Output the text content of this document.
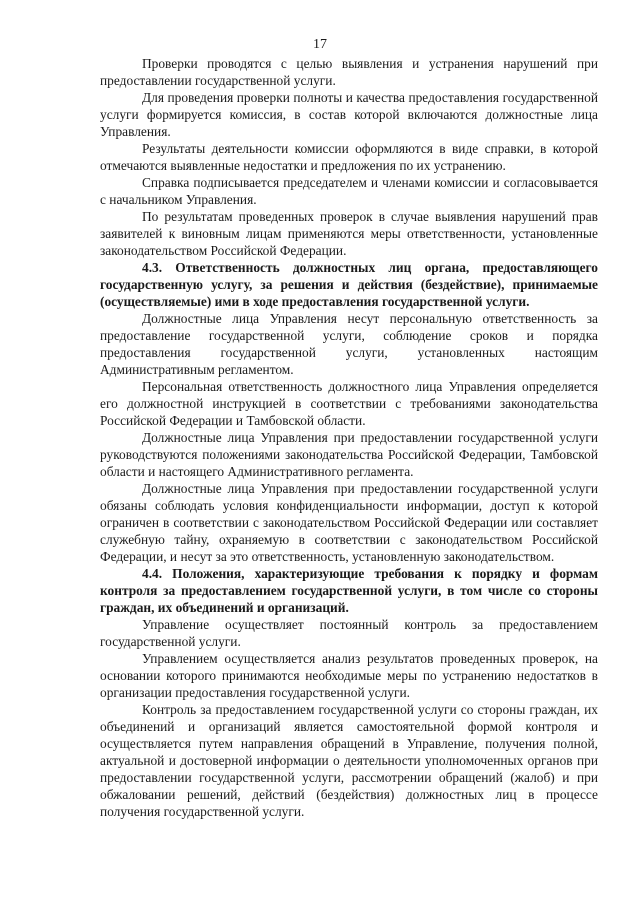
17

Проверки проводятся с целью выявления и устранения нарушений при предоставлении государственной услуги.

Для проведения проверки полноты и качества предоставления государственной услуги формируется комиссия, в состав которой включаются должностные лица Управления.

Результаты деятельности комиссии оформляются в виде справки, в которой отмечаются выявленные недостатки и предложения по их устранению.

Справка подписывается председателем и членами комиссии и согласовывается с начальником Управления.

По результатам проведенных проверок в случае выявления нарушений прав заявителей к виновным лицам применяются меры ответственности, установленные законодательством Российской Федерации.

4.3. Ответственность должностных лиц органа, предоставляющего государственную услугу, за решения и действия (бездействие), принимаемые (осуществляемые) ими в ходе предоставления государственной услуги.

Должностные лица Управления несут персональную ответственность за предоставление государственной услуги, соблюдение сроков и порядка предоставления государственной услуги, установленных настоящим Административным регламентом.

Персональная ответственность должностного лица Управления определяется его должностной инструкцией в соответствии с требованиями законодательства Российской Федерации и Тамбовской области.

Должностные лица Управления при предоставлении государственной услуги руководствуются положениями законодательства Российской Федерации, Тамбовской области и настоящего Административного регламента.

Должностные лица Управления при предоставлении государственной услуги обязаны соблюдать условия конфиденциальности информации, доступ к которой ограничен в соответствии с законодательством Российской Федерации или составляет служебную тайну, охраняемую в соответствии с законодательством Российской Федерации, и несут за это ответственность, установленную законодательством.

4.4. Положения, характеризующие требования к порядку и формам контроля за предоставлением государственной услуги, в том числе со стороны граждан, их объединений и организаций.

Управление осуществляет постоянный контроль за предоставлением государственной услуги.

Управлением осуществляется анализ результатов проведенных проверок, на основании которого принимаются необходимые меры по устранению недостатков в организации предоставления государственной услуги.

Контроль за предоставлением государственной услуги со стороны граждан, их объединений и организаций является самостоятельной формой контроля и осуществляется путем направления обращений в Управление, получения полной, актуальной и достоверной информации о деятельности уполномоченных органов при предоставлении государственной услуги, рассмотрении обращений (жалоб) и при обжаловании решений, действий (бездействия) должностных лиц в процессе получения государственной услуги.
